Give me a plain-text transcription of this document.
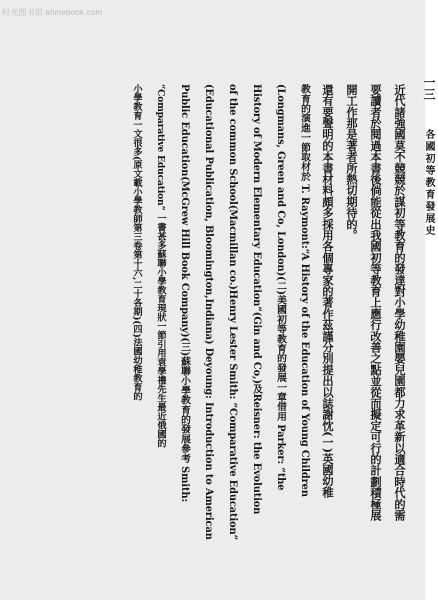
时光图书馆 atimebook.com
一三
各國初等教育發展史
近代諸強國莫不競競於謀初等教育的發達對小學幼稚園嬰兒園都力求革新以適合時代的需
要讀者於閱過本書後倘能從出我國初等教育上應行改善之點並從而擬定可行的計劃積極展
開工作那是著者所熱切期待的。
還有要聲明的本書材料頗多採用各個專家的著作茲謹分別提出以誌謝忱(一)英國幼稚
教育的演進一節取材於 T. Raymont:“A History of the Education of Young Children
(Longmans, Green and Co, London)(二)美國初等教育的發展一章借用 Parker: “the
History of Modern Elementary Education”(Gin and Co,)及Reisner: the Evolution
of the common School(Macmillan co.)Henry Lester Smith: “Comparative Education”
(Educational Publication, Bloomington,Indiana) Deyoung: Introduction to American
Public Education(McGrew Hill Book Company)(三)蘇聯小學教育的發展參考 Smith:
“Comparative Education” 一書甚多蘇聯小學教育現狀一節引用袁學禮先生最近俄國的
小學教育一文很多(原文載小學教師第三卷第十六,二十各期)(四)法國幼稚教育的
